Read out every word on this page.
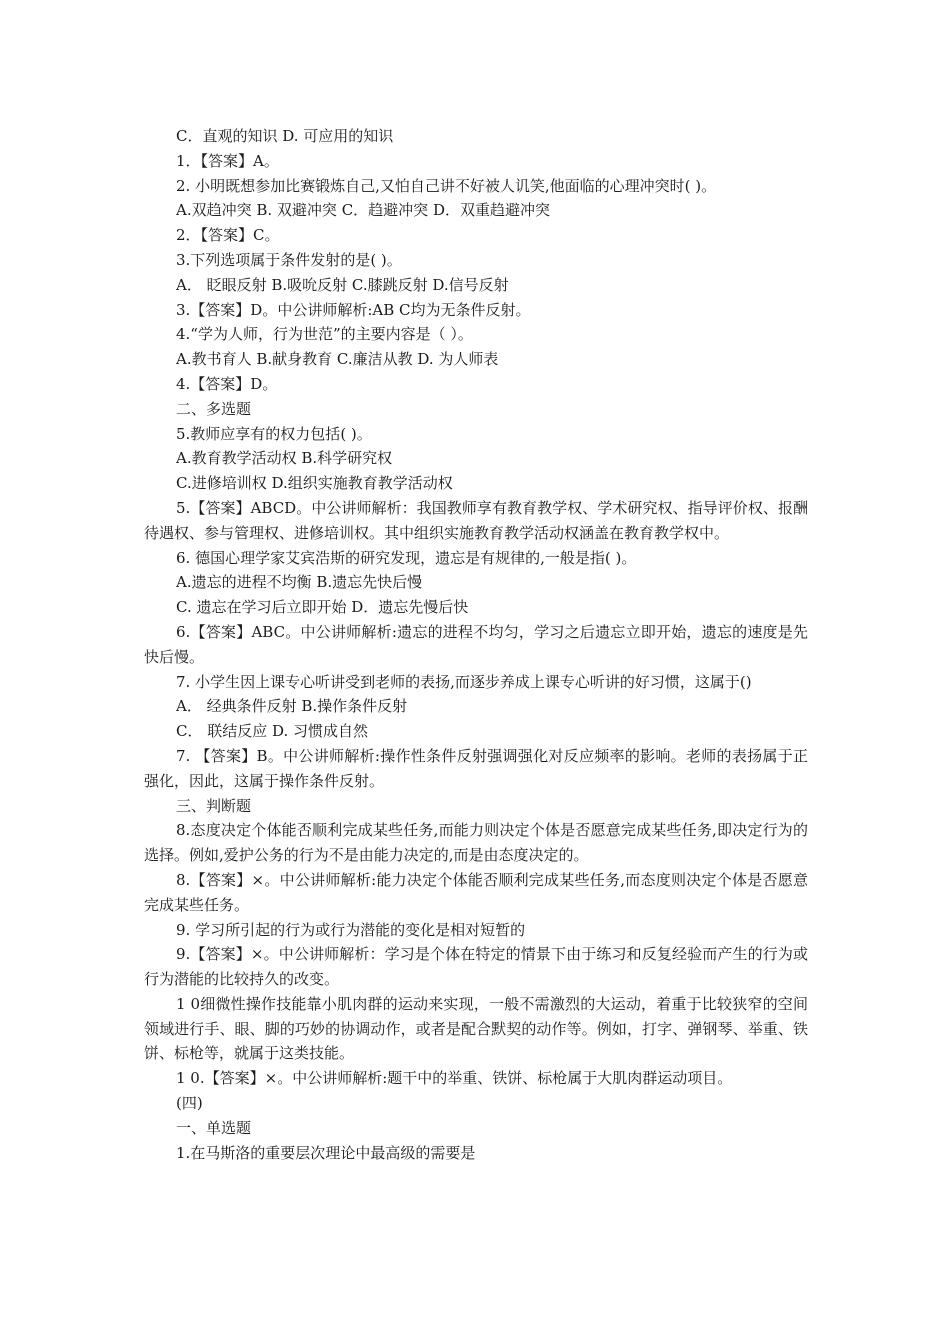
C．直观的知识 D. 可应用的知识

1．【答案】A。

2. 小明既想参加比赛锻炼自己,又怕自己讲不好被人讥笑,他面临的心理冲突时( )。

A.双趋冲突 B. 双避冲突 C．趋避冲突 D．双重趋避冲突

2．【答案】C。

3.下列选项属于条件发射的是( )。

A． 眨眼反射 B.吸吮反射 C.膝跳反射 D.信号反射

3.【答案】D。中公讲师解析:AB C均为无条件反射。

4.“学为人师，行为世范”的主要内容是（ ）。

A.教书育人 B.献身教育 C.廉洁从教 D. 为人师表

4.【答案】D。

二、多选题

5.教师应享有的权力包括( )。

A.教育教学活动权 B.科学研究权

C.进修培训权 D.组织实施教育教学活动权

5.【答案】ABCD。中公讲师解析：我国教师享有教育教学权、学术研究权、指导评价权、报酬待遇权、参与管理权、进修培训权。其中组织实施教育教学活动权涵盖在教育教学权中。

6. 德国心理学家艾宾浩斯的研究发现，遗忘是有规律的,一般是指( )。

A.遗忘的进程不均衡 B.遗忘先快后慢

C. 遗忘在学习后立即开始 D．遗忘先慢后快

6.【答案】ABC。中公讲师解析:遗忘的进程不均匀，学习之后遗忘立即开始，遗忘的速度是先快后慢。

7. 小学生因上课专心听讲受到老师的表扬,而逐步养成上课专心听讲的好习惯，这属于()

A． 经典条件反射 B.操作条件反射

C． 联结反应 D. 习惯成自然

7. 【答案】B。中公讲师解析:操作性条件反射强调强化对反应频率的影响。老师的表扬属于正强化，因此，这属于操作条件反射。

三、判断题

8.态度决定个体能否顺利完成某些任务,而能力则决定个体是否愿意完成某些任务,即决定行为的选择。例如,爱护公务的行为不是由能力决定的,而是由态度决定的。

8.【答案】×。中公讲师解析:能力决定个体能否顺利完成某些任务,而态度则决定个体是否愿意完成某些任务。

9. 学习所引起的行为或行为潜能的变化是相对短暂的

9.【答案】×。中公讲师解析：学习是个体在特定的情景下由于练习和反复经验而产生的行为或行为潜能的比较持久的改变。

1 0细微性操作技能靠小肌肉群的运动来实现，一般不需激烈的大运动，着重于比较狭窄的空间领域进行手、眼、脚的巧妙的协调动作，或者是配合默契的动作等。例如，打字、弹钢琴、举重、铁饼、标枪等，就属于这类技能。

1 0.【答案】×。中公讲师解析:题干中的举重、铁饼、标枪属于大肌肉群运动项目。

(四)

一、单选题

1.在马斯洛的重要层次理论中最高级的需要是
